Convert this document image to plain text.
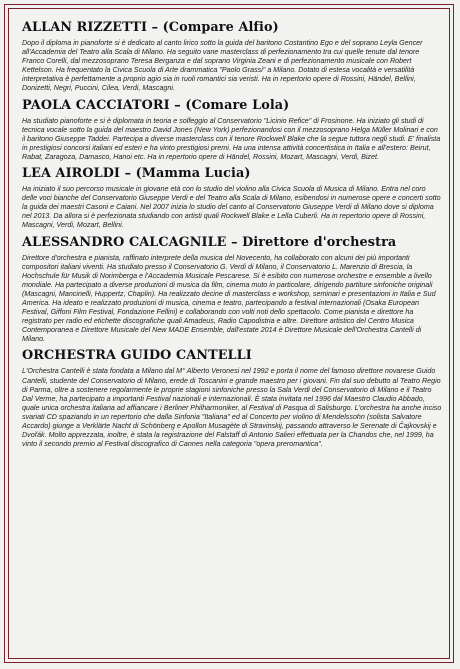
ALLAN RIZZETTI – (Compare Alfio)

Dopo il diploma in pianoforte si è dedicato al canto lirico sotto la guida del baritono Costantino Ego e del soprano Leyla Gencer all'Accademia del Teatro alla Scala di Milano. Ha seguito vane masterclass di perfezionamento tra cui quelle tenute dal tenore Franco Corelli, dal mezzosoprano Teresa Berganza e dal soprano Virginia Zeani e di perfezionamento musicale con Robert Kettelson. Ha frequentato la Civica Scuola di Arte drammatica "Paolo Grassi" a Milano. Dotato di estesa vocalità e versatilità interpretativa è perfettamente a proprio agio sia in ruoli romantici sia veristi. Ha in repertorio opere di Rossini, Händel, Bellini, Donizetti, Negri, Puccini, Cilea, Verdi, Mascagni.

PAOLA CACCIATORI – (Comare Lola)

Ha studiato pianoforte e si è diplomata in teoria e solfeggio al Conservatorio "Licinio Refice" di Frosinone. Ha iniziato gli studi di tecnica vocale sotto la guida del maestro David Jones (New York) perfezionandosi con il mezzosoprano Helga Müller Molinari e con il baritono Giuseppe Taddei. Partecipa a diverse masterclass con il tenore Rockwell Blake che la segue tuttora negli studi. E' finalista in prestigiosi concorsi italiani ed esteri e ha vinto prestigiosi premi. Ha una intensa attività concertistica in Italia e all'estero: Beirut, Rabat, Zaragoza, Damasco, Hanoi etc. Ha in repertorio opere di Händel, Rossini, Mozart, Mascagni, Verdi, Bizet.

LEA AIROLDI – (Mamma Lucia)

Ha iniziato il suo percorso musicale in giovane età con lo studio del violino alla Civica Scuola di Musica di Milano. Entra nel coro delle voci bianche del Conservatorio Giuseppe Verdi e del Teatro alla Scala di Milano, esibendosi in numerose opere e concerti sotto la guida dei maestri Casoni e Caiani. Nel 2007 inizia lo studio del canto al Conservatorio Giuseppe Verdi di Milano dove si diploma nel 2013. Da allora si è perfezionata studiando con artisti quali Rockwell Blake e Lella Cuberli. Ha in repertorio opere di Rossini, Mascagni, Verdi, Mozart, Bellini.

ALESSANDRO CALCAGNILE – Direttore d'orchestra

Direttore d'orchestra e pianista, raffinato interprete della musica del Novecento, ha collaborato con alcuni dei più importanti compositori italiani viventi. Ha studiato presso il Conservatorio G. Verdi di Milano, il Conservatorio L. Marenzio di Brescia, la Hochschule für Musik di Norimberga e l'Accademia Musicale Pescarese. Si è esibito con numerose orchestre e ensemble a livello mondiale. Ha partecipato a diverse produzioni di musica da film, cinema muto in particolare, dirigendo partiture sinfoniche originali (Mascagni, Mancinelli, Huppertz, Chaplin). Ha realizzato decine di masterclass e workshop, seminari e presentazioni in Italia e Sud America. Ha ideato e realizzato produzioni di musica, cinema e teatro, partecipando a festival internazionali (Osaka European Festival, Giffoni Film Festival, Fondazione Fellini) e collaborando con volti noti dello spettacolo. Come pianista e direttore ha registrato per radio ed etichette discografiche quali Amadeus, Radio Capodistria e altre. Direttore artistico del Centro Musica Contemporanea e Direttore Musicale del New MADE Ensemble, dall'estate 2014 è Direttore Musicale dell'Orchestra Cantelli di Milano.

ORCHESTRA GUIDO CANTELLI

L'Orchestra Cantelli è stata fondata a Milano dal M° Alberto Veronesi nel 1992 e porta il nome del famoso direttore novarese Guido Cantelli, studente del Conservatorio di Milano, erede di Toscanini e grande maestro per i giovani. Fin dal suo debutto al Teatro Regio di Parma, oltre a sostenere regolarmente le proprie stagioni sinfoniche presso la Sala Verdi del Conservatorio di Milano e il Teatro Dal Verme, ha partecipato a importanti Festival nazionali e internazionali. È stata invitata nel 1996 dal Maestro Claudio Abbado, quale unica orchestra italiana ad affiancare i Berliner Philharmoniker, al Festival di Pasqua di Salisburgo. L'orchestra ha anche inciso svariati CD spaziando in un repertorio che dalla Sinfonia "Italiana" ed al Concerto per violino di Mendelssohn (solista Salvatore Accardo) giunge a Verklärte Nacht di Schönberg e Apollon Musagète di Stravinskij, passando attraverso le Serenate di Čajkovskij e Dvořák. Molto apprezzata, inoltre, è stata la registrazione del Falstaff di Antonio Salieri effettuata per la Chandos che, nel 1999, ha vinto il secondo premio al Festival discografico di Cannes nella categoria "opera preromantica".
